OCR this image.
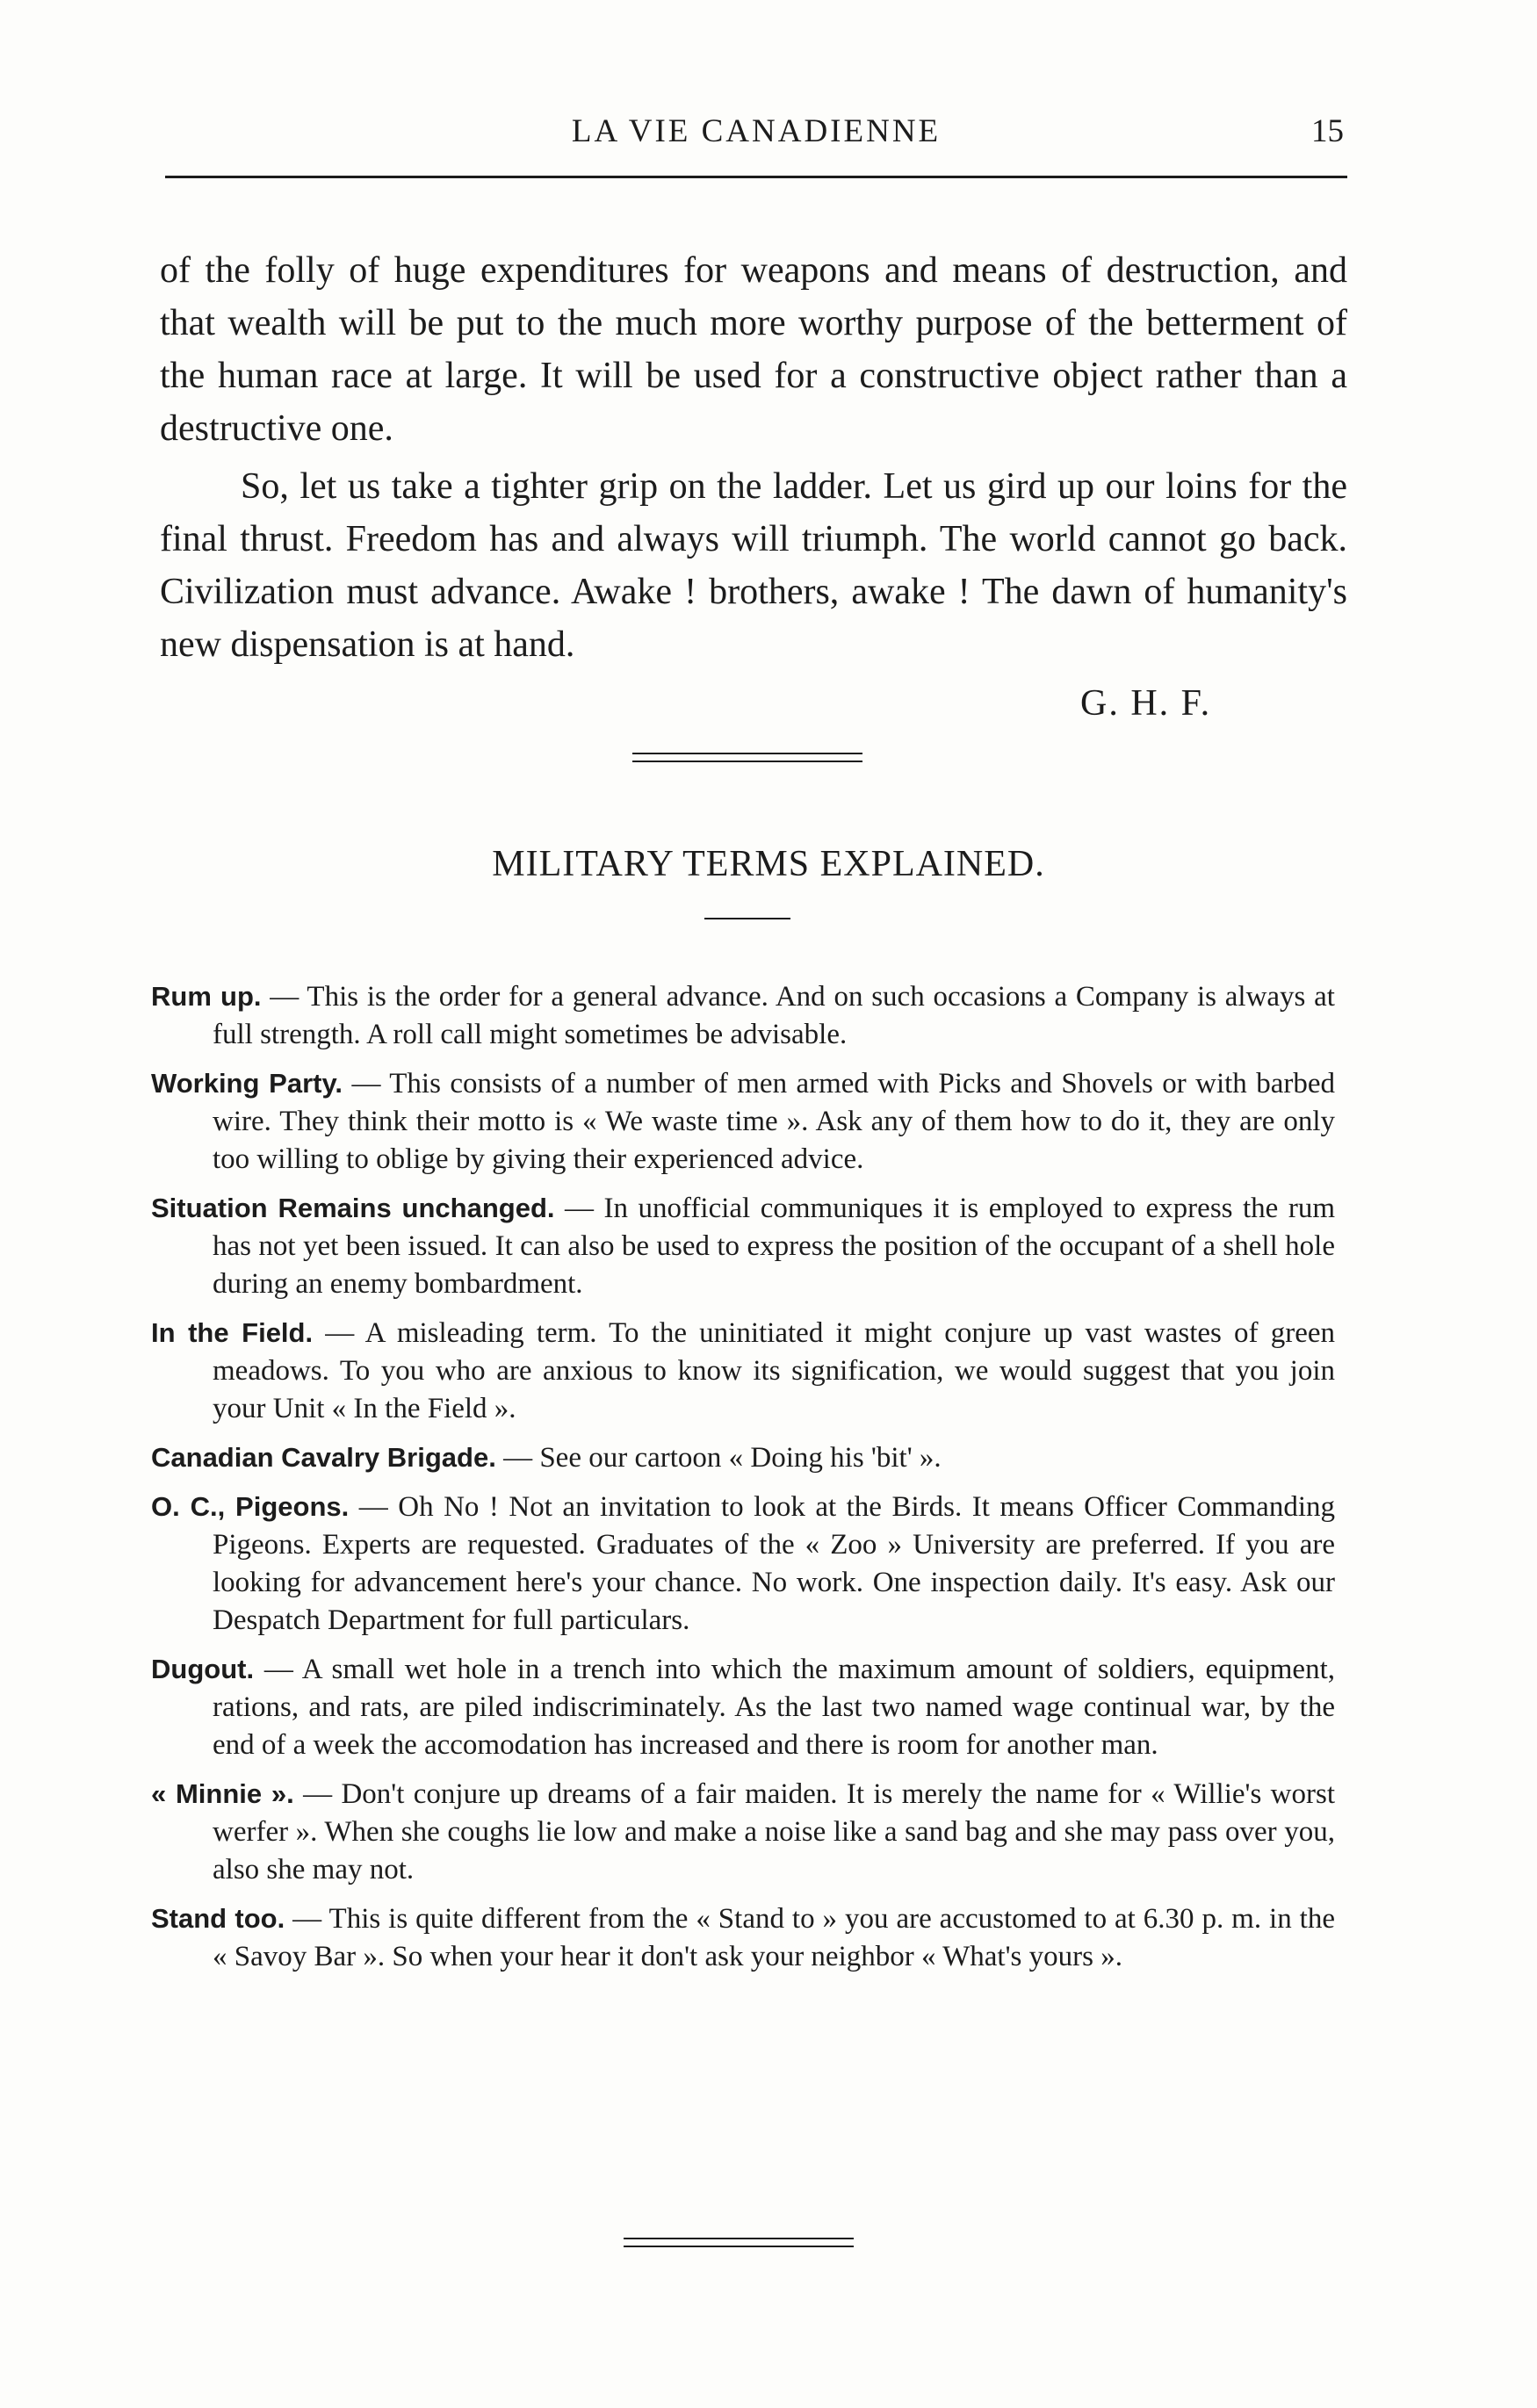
LA VIE CANADIENNE	15

of the folly of huge expenditures for weapons and means of destruction, and that wealth will be put to the much more worthy purpose of the betterment of the human race at large. It will be used for a constructive object rather than a destructive one.

So, let us take a tighter grip on the ladder. Let us gird up our loins for the final thrust. Freedom has and always will triumph. The world cannot go back. Civilization must advance. Awake ! brothers, awake ! The dawn of humanity's new dispensation is at hand.

G. H. F.
MILITARY TERMS EXPLAINED.

Rum up. — This is the order for a general advance. And on such occasions a Company is always at full strength. A roll call might sometimes be advisable.

Working Party. — This consists of a number of men armed with Picks and Shovels or with barbed wire. They think their motto is « We waste time ». Ask any of them how to do it, they are only too willing to oblige by giving their experienced advice.

Situation Remains unchanged. — In unofficial communiques it is employed to express the rum has not yet been issued. It can also be used to express the position of the occupant of a shell hole during an enemy bombardment.

In the Field. — A misleading term. To the uninitiated it might conjure up vast wastes of green meadows. To you who are anxious to know its signification, we would suggest that you join your Unit « In the Field ».

Canadian Cavalry Brigade. — See our cartoon « Doing his 'bit' ».

O. C., Pigeons. — Oh No ! Not an invitation to look at the Birds. It means Officer Commanding Pigeons. Experts are requested. Graduates of the « Zoo » University are preferred. If you are looking for advancement here's your chance. No work. One inspection daily. It's easy. Ask our Despatch Department for full particulars.

Dugout. — A small wet hole in a trench into which the maximum amount of soldiers, equipment, rations, and rats, are piled indiscriminately. As the last two named wage continual war, by the end of a week the accomodation has increased and there is room for another man.

« Minnie ». — Don't conjure up dreams of a fair maiden. It is merely the name for « Willie's worst werfer ». When she coughs lie low and make a noise like a sand bag and she may pass over you, also she may not.

Stand too. — This is quite different from the « Stand to » you are accustomed to at 6.30 p. m. in the « Savoy Bar ». So when your hear it don't ask your neighbor « What's yours ».
